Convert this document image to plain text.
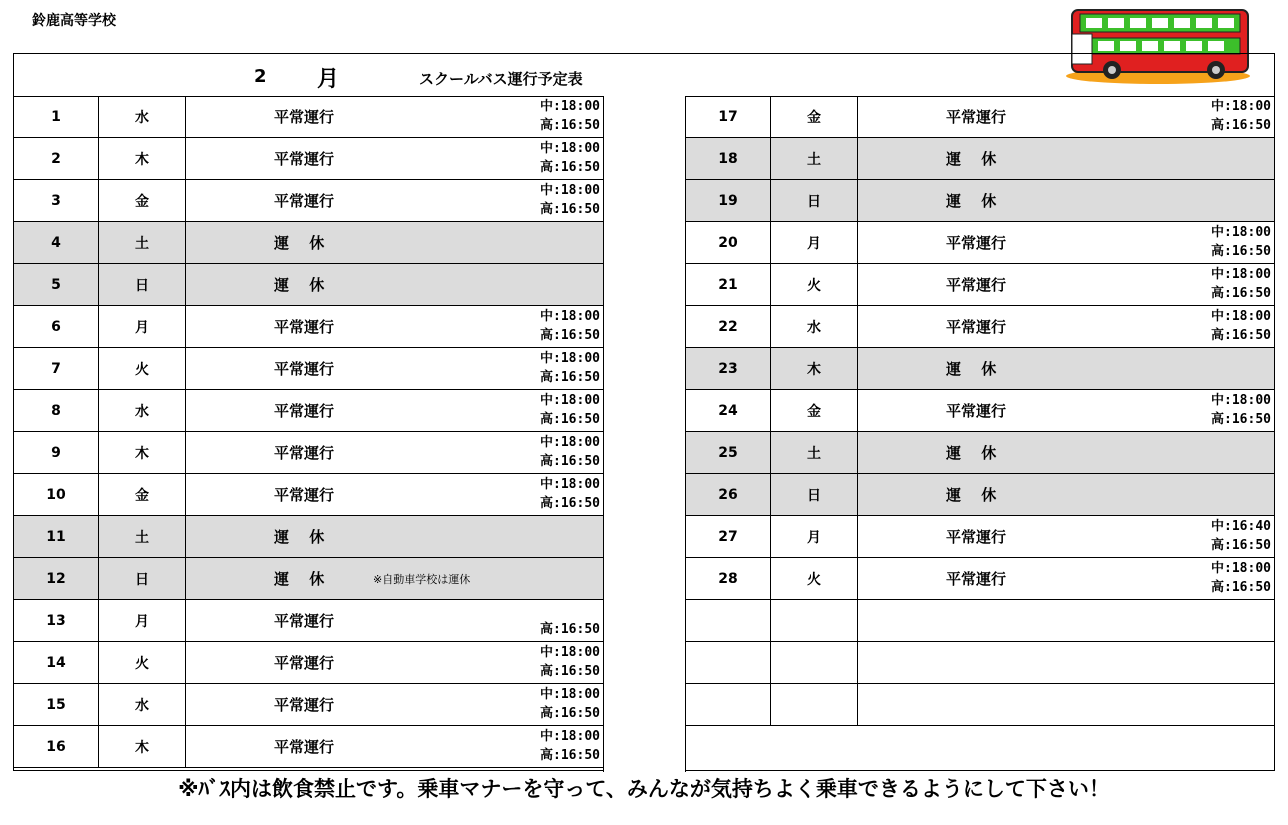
鈴鹿高等学校
2 月	スクールバス運行予定表
1	水	平常運行
中:18:00
高:16:50
2	木	平常運行
中:18:00
高:16:50
3	金	平常運行
中:18:00
高:16:50
4	土	運　 休
5	日	運　 休
6	月	平常運行
中:18:00
高:16:50
7	火	平常運行
中:18:00
高:16:50
8	水	平常運行
中:18:00
高:16:50
9	木	平常運行
中:18:00
高:16:50
10	金	平常運行
中:18:00
高:16:50
11	土	運　 休
12	日	運　 休	※自動車学校は運休
13	月	平常運行
	高:16:50
14	火	平常運行
中:18:00
高:16:50
15	水	平常運行
中:18:00
高:16:50
16	木	平常運行
中:18:00
高:16:50
17	金	平常運行
中:18:00
高:16:50
18	土	運　 休
19	日	運　 休
20	月	平常運行
中:18:00
高:16:50
21	火	平常運行
中:18:00
高:16:50
22	水	平常運行
中:18:00
高:16:50
23	木	運　 休
24	金	平常運行
中:18:00
高:16:50
25	土	運　 休
26	日	運　 休
27	月	平常運行
中:16:40
高:16:50
28	火	平常運行
中:18:00
高:16:50
※ﾊﾞｽ内は飲食禁止です。乗車マナーを守って、みんなが気持ちよく乗車できるようにして下さい！
